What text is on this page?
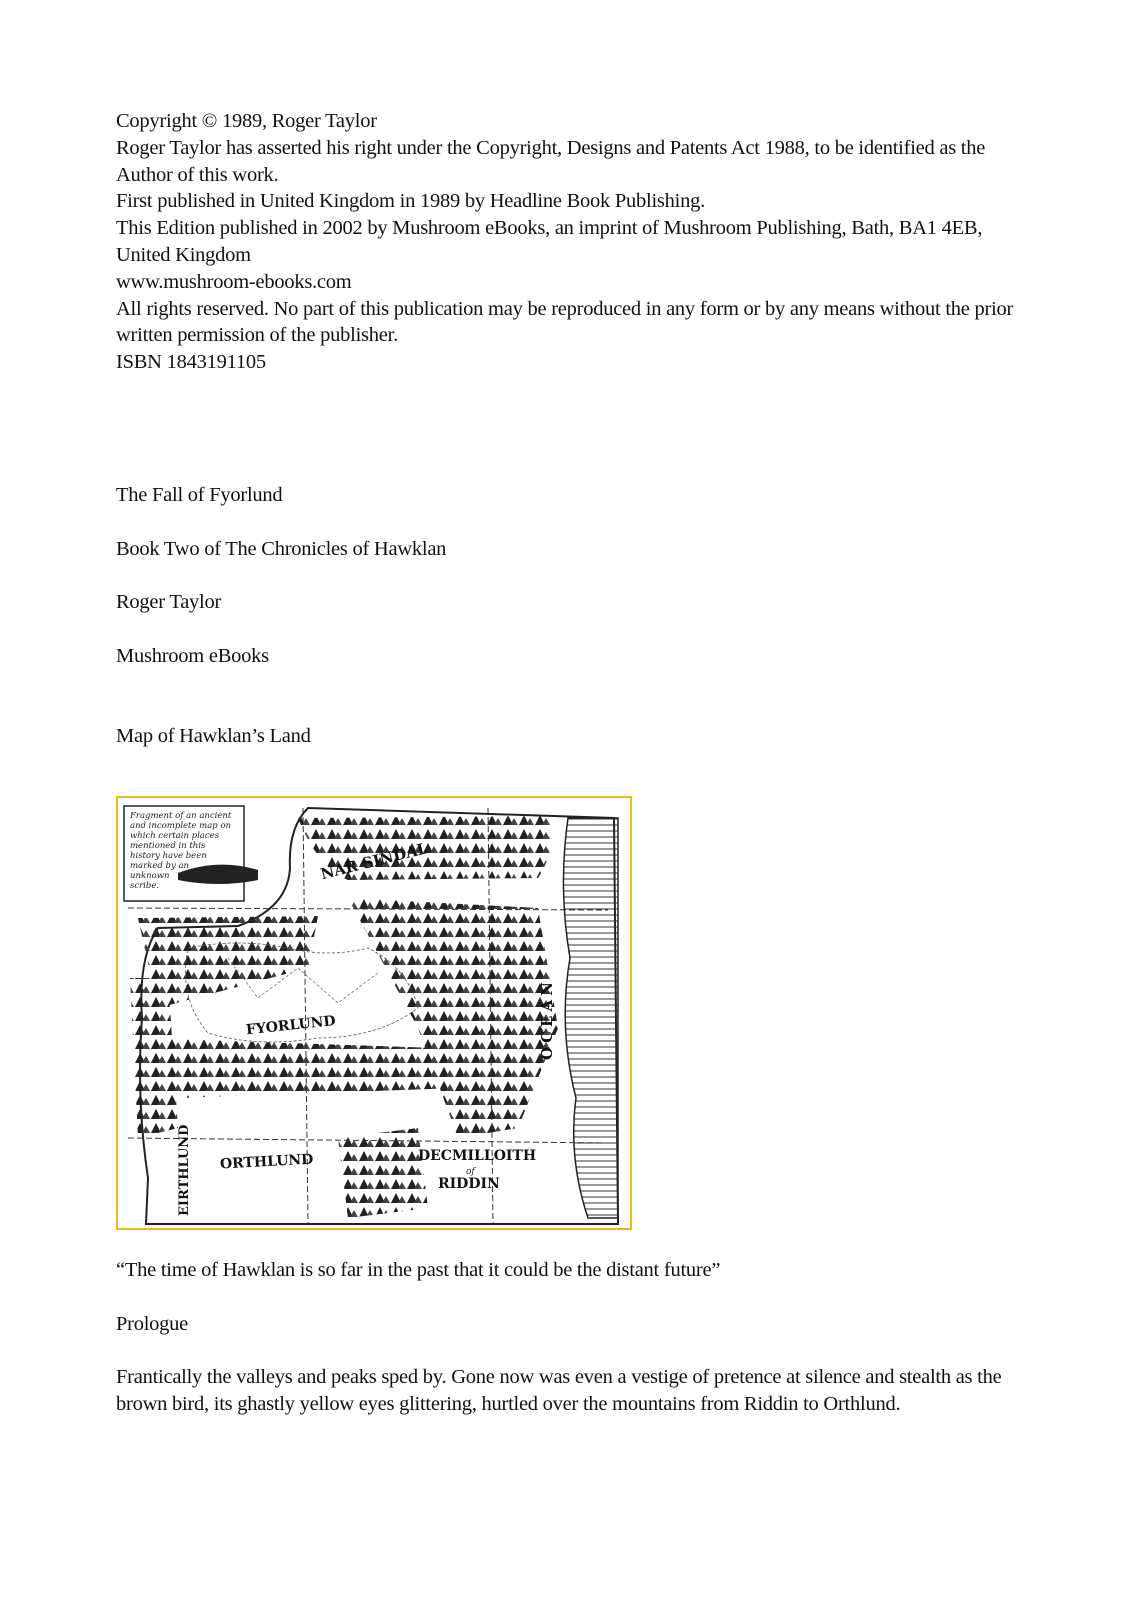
Copyright © 1989, Roger Taylor

Roger Taylor has asserted his right under the Copyright, Designs and Patents Act 1988, to be identified as the Author of this work.

First published in United Kingdom in 1989 by Headline Book Publishing.

This Edition published in 2002 by Mushroom eBooks, an imprint of Mushroom Publishing, Bath, BA1 4EB, United Kingdom

www.mushroom-ebooks.com

All rights reserved. No part of this publication may be reproduced in any form or by any means without the prior written permission of the publisher.

ISBN 1843191105

The Fall of Fyorlund

Book Two of The Chronicles of Hawklan

Roger Taylor

Mushroom eBooks

Map of Hawklan’s Land

Fragment of an ancient
and incomplete map on
which certain places
mentioned in this
history have been
marked by an
unknown
scribe.
NAR SINDAL
FYORLUND
ORTHLUND
EIRTHLUND	DECMILLOITH
of
RIDDIN
OCEAN

“The time of Hawklan is so far in the past that it could be the distant future”

Prologue

Frantically the valleys and peaks sped by. Gone now was even a vestige of pretence at silence and stealth as the brown bird, its ghastly yellow eyes glittering, hurtled over the mountains from Riddin to Orthlund.
